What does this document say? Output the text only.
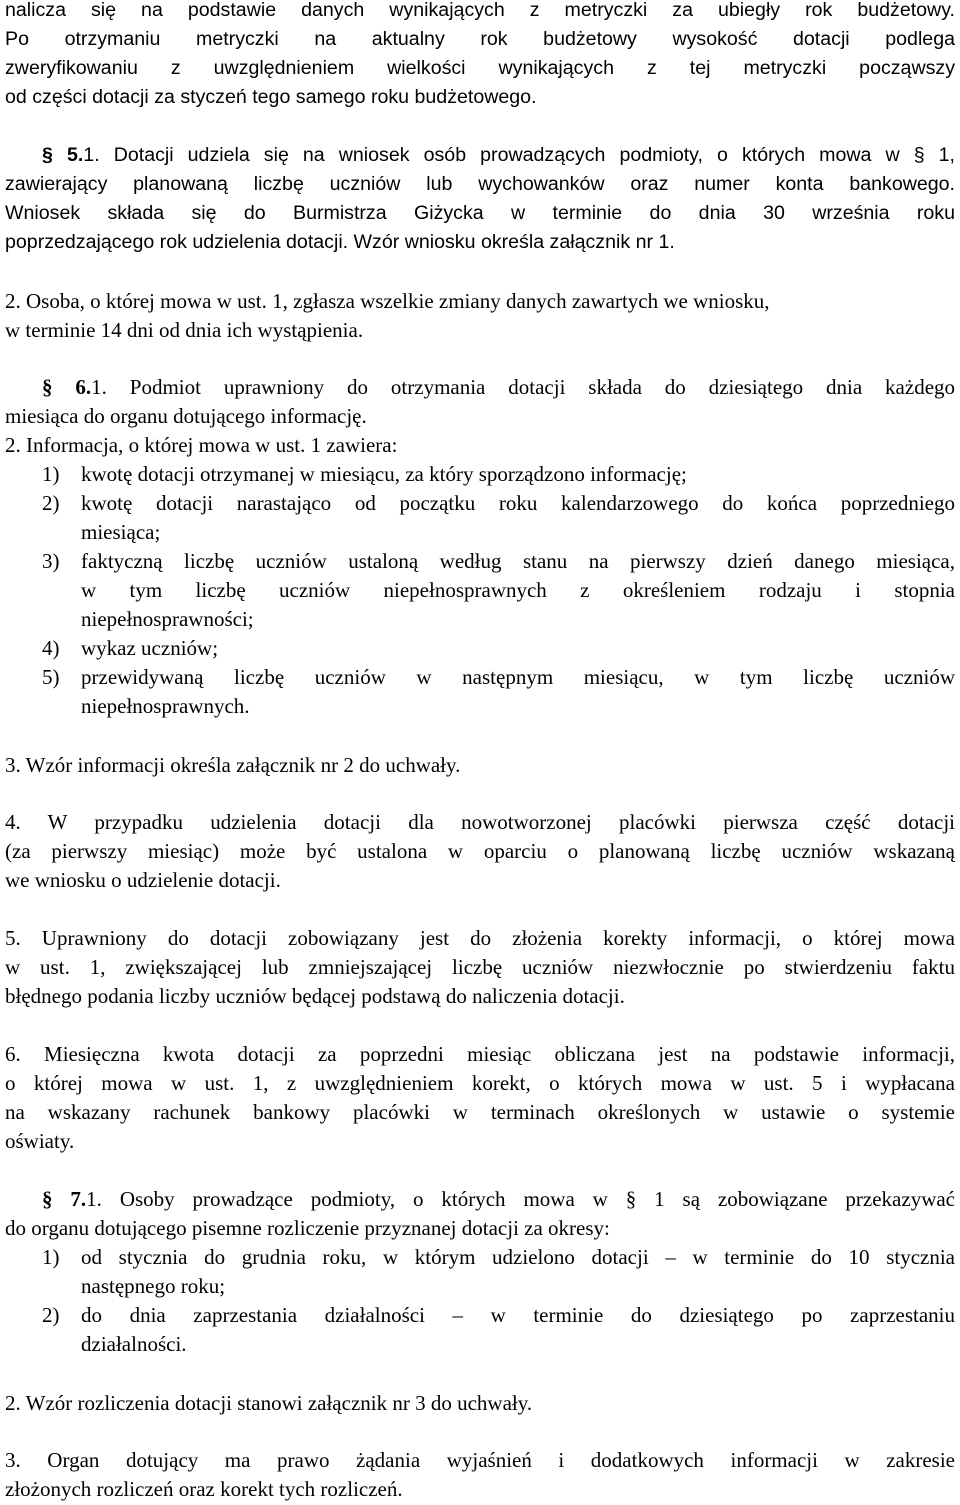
nalicza się na podstawie danych wynikających z metryczki za ubiegły rok budżetowy.
Po otrzymaniu metryczki na aktualny rok budżetowy wysokość dotacji podlega
zweryfikowaniu z uwzględnieniem wielkości wynikających z tej metryczki począwszy
od części dotacji za styczeń tego samego roku budżetowego.
§ 5.1. Dotacji udziela się na wniosek osób prowadzących podmioty, o których mowa w § 1,
zawierający planowaną liczbę uczniów lub wychowanków oraz numer konta bankowego.
Wniosek składa się do Burmistrza Giżycka w terminie do dnia 30 września roku
poprzedzającego rok udzielenia dotacji. Wzór wniosku określa załącznik nr 1.
2. Osoba, o której mowa w ust. 1, zgłasza wszelkie zmiany danych zawartych we wniosku,
w terminie 14 dni od dnia ich wystąpienia.
§ 6.1. Podmiot uprawniony do otrzymania dotacji składa do dziesiątego dnia każdego
miesiąca do organu dotującego informację.
2. Informacja, o której mowa w ust. 1 zawiera:
1)	kwotę dotacji otrzymanej w miesiącu, za który sporządzono informację;
2)	kwotę dotacji narastająco od początku roku kalendarzowego do końca poprzedniego
miesiąca;
3)	faktyczną liczbę uczniów ustaloną według stanu na pierwszy dzień danego miesiąca,
w tym liczbę uczniów niepełnosprawnych z określeniem rodzaju i stopnia
niepełnosprawności;
4)	wykaz uczniów;
5)	przewidywaną liczbę uczniów w następnym miesiącu, w tym liczbę uczniów
niepełnosprawnych.
3. Wzór informacji określa załącznik nr 2 do uchwały.
4. W przypadku udzielenia dotacji dla nowotworzonej placówki pierwsza część dotacji
(za pierwszy miesiąc) może być ustalona w oparciu o planowaną liczbę uczniów wskazaną
we wniosku o udzielenie dotacji.
5. Uprawniony do dotacji zobowiązany jest do złożenia korekty informacji, o której mowa
w ust. 1, zwiększającej lub zmniejszającej liczbę uczniów niezwłocznie po stwierdzeniu faktu
błędnego podania liczby uczniów będącej podstawą do naliczenia dotacji.
6. Miesięczna kwota dotacji za poprzedni miesiąc obliczana jest na podstawie informacji,
o której mowa w ust. 1, z uwzględnieniem korekt, o których mowa w ust. 5 i wypłacana
na wskazany rachunek bankowy placówki w terminach określonych w ustawie o systemie
oświaty.
§ 7.1. Osoby prowadzące podmioty, o których mowa w § 1 są zobowiązane przekazywać
do organu dotującego pisemne rozliczenie przyznanej dotacji za okresy:
1)	od stycznia do grudnia roku, w którym udzielono dotacji – w terminie do 10 stycznia
następnego roku;
2)	do dnia zaprzestania działalności – w terminie do dziesiątego po zaprzestaniu
działalności.
2. Wzór rozliczenia dotacji stanowi załącznik nr 3 do uchwały.
3. Organ dotujący ma prawo żądania wyjaśnień i dodatkowych informacji w zakresie
złożonych rozliczeń oraz korekt tych rozliczeń.
